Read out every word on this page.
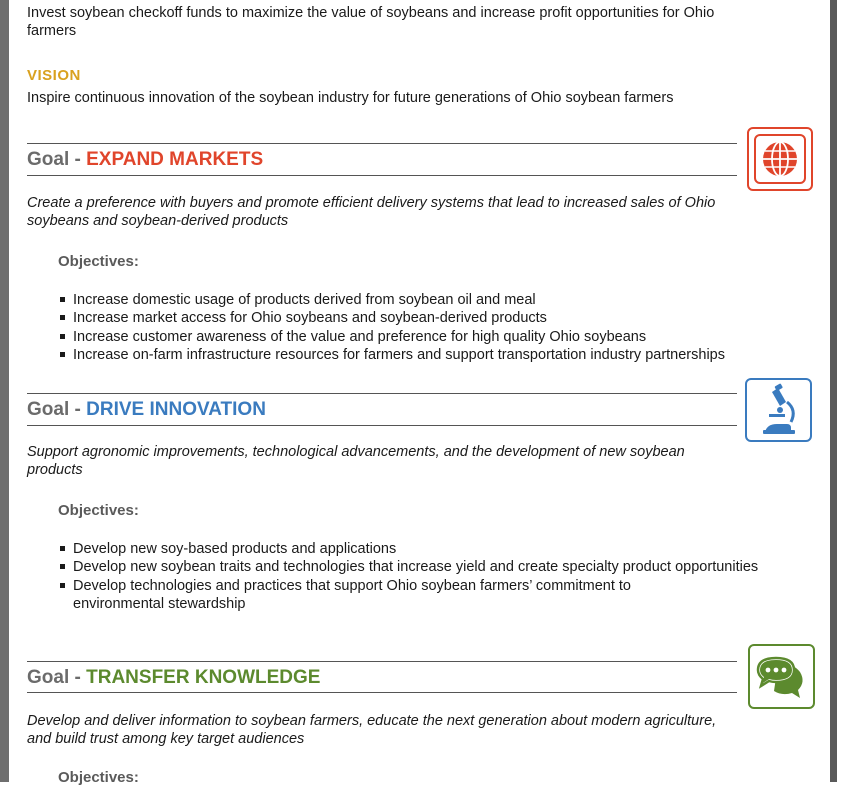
Invest soybean checkoff funds to maximize the value of soybeans and increase profit opportunities for Ohio farmers
VISION
Inspire continuous innovation of the soybean industry for future generations of Ohio soybean farmers
Goal - EXPAND MARKETS
Create a preference with buyers and promote efficient delivery systems that lead to increased sales of Ohio soybeans and soybean-derived products
Objectives:
Increase domestic usage of products derived from soybean oil and meal
Increase market access for Ohio soybeans and soybean-derived products
Increase customer awareness of the value and preference for high quality Ohio soybeans
Increase on-farm infrastructure resources for farmers and support transportation industry partnerships
Goal - DRIVE INNOVATION
Support agronomic improvements, technological advancements, and the development of new soybean products
Objectives:
Develop new soy-based products and applications
Develop new soybean traits and technologies that increase yield and create specialty product opportunities
Develop technologies and practices that support Ohio soybean farmers’ commitment to environmental stewardship
Goal - TRANSFER KNOWLEDGE
Develop and deliver information to soybean farmers, educate the next generation about modern agriculture, and build trust among key target audiences
Objectives:
